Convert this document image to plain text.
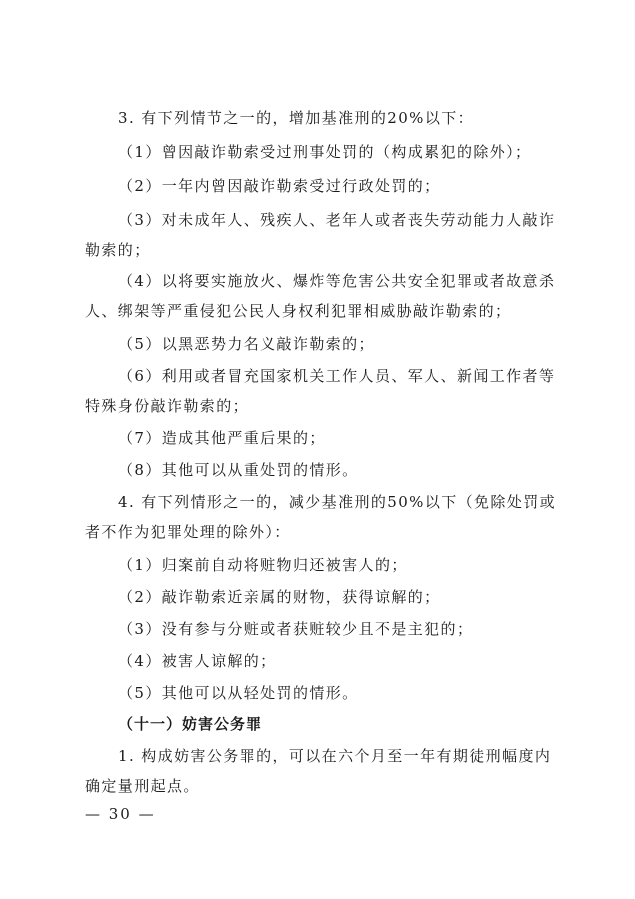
3. 有下列情节之一的，增加基准刑的20%以下：
（1）曾因敲诈勒索受过刑事处罚的（构成累犯的除外）；
（2）一年内曾因敲诈勒索受过行政处罚的；
（3）对未成年人、残疾人、老年人或者丧失劳动能力人敲诈
勒索的；
（4）以将要实施放火、爆炸等危害公共安全犯罪或者故意杀
人、绑架等严重侵犯公民人身权利犯罪相威胁敲诈勒索的；
（5）以黑恶势力名义敲诈勒索的；
（6）利用或者冒充国家机关工作人员、军人、新闻工作者等
特殊身份敲诈勒索的；
（7）造成其他严重后果的；
（8）其他可以从重处罚的情形。
4. 有下列情形之一的，减少基准刑的50%以下（免除处罚或
者不作为犯罪处理的除外）：
（1）归案前自动将赃物归还被害人的；
（2）敲诈勒索近亲属的财物，获得谅解的；
（3）没有参与分赃或者获赃较少且不是主犯的；
（4）被害人谅解的；
（5）其他可以从轻处罚的情形。
（十一）妨害公务罪
1. 构成妨害公务罪的，可以在六个月至一年有期徒刑幅度内
确定量刑起点。
— 30 —
